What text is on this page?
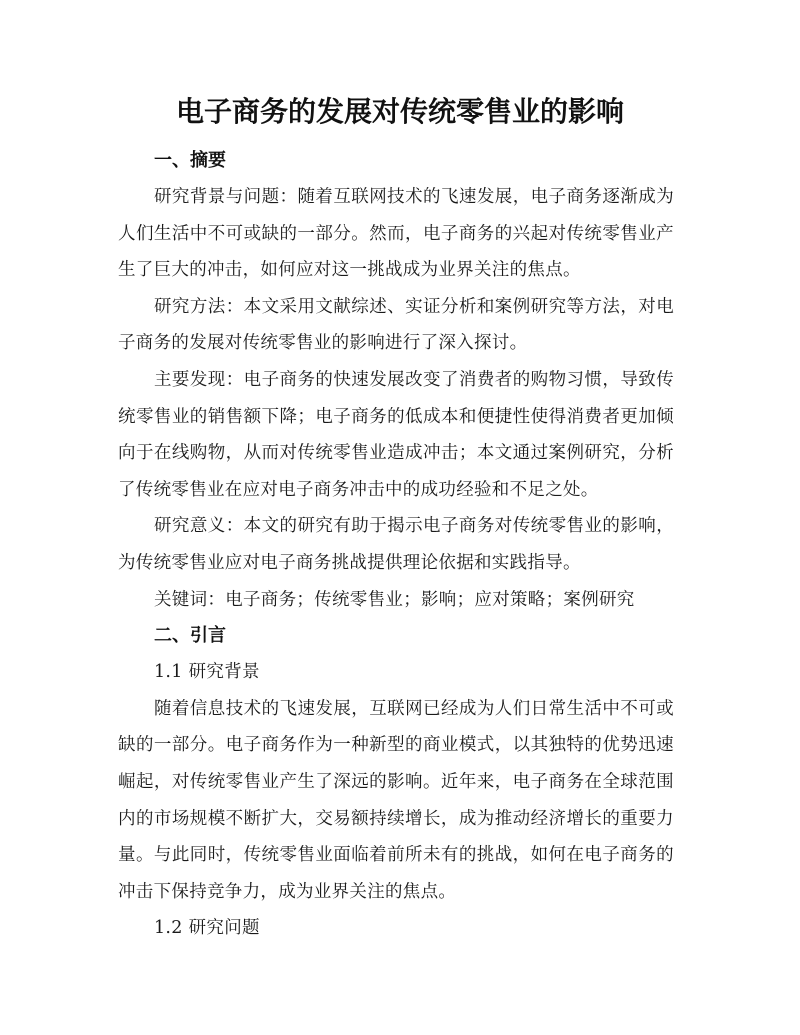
电子商务的发展对传统零售业的影响
一、摘要

研究背景与问题：随着互联网技术的飞速发展，电子商务逐渐成为人们生活中不可或缺的一部分。然而，电子商务的兴起对传统零售业产生了巨大的冲击，如何应对这一挑战成为业界关注的焦点。

研究方法：本文采用文献综述、实证分析和案例研究等方法，对电子商务的发展对传统零售业的影响进行了深入探讨。

主要发现：电子商务的快速发展改变了消费者的购物习惯，导致传统零售业的销售额下降；电子商务的低成本和便捷性使得消费者更加倾向于在线购物，从而对传统零售业造成冲击；本文通过案例研究，分析了传统零售业在应对电子商务冲击中的成功经验和不足之处。

研究意义：本文的研究有助于揭示电子商务对传统零售业的影响，为传统零售业应对电子商务挑战提供理论依据和实践指导。

关键词：电子商务；传统零售业；影响；应对策略；案例研究

二、引言

1.1 研究背景

随着信息技术的飞速发展，互联网已经成为人们日常生活中不可或缺的一部分。电子商务作为一种新型的商业模式，以其独特的优势迅速崛起，对传统零售业产生了深远的影响。近年来，电子商务在全球范围内的市场规模不断扩大，交易额持续增长，成为推动经济增长的重要力量。与此同时，传统零售业面临着前所未有的挑战，如何在电子商务的冲击下保持竞争力，成为业界关注的焦点。

1.2 研究问题
